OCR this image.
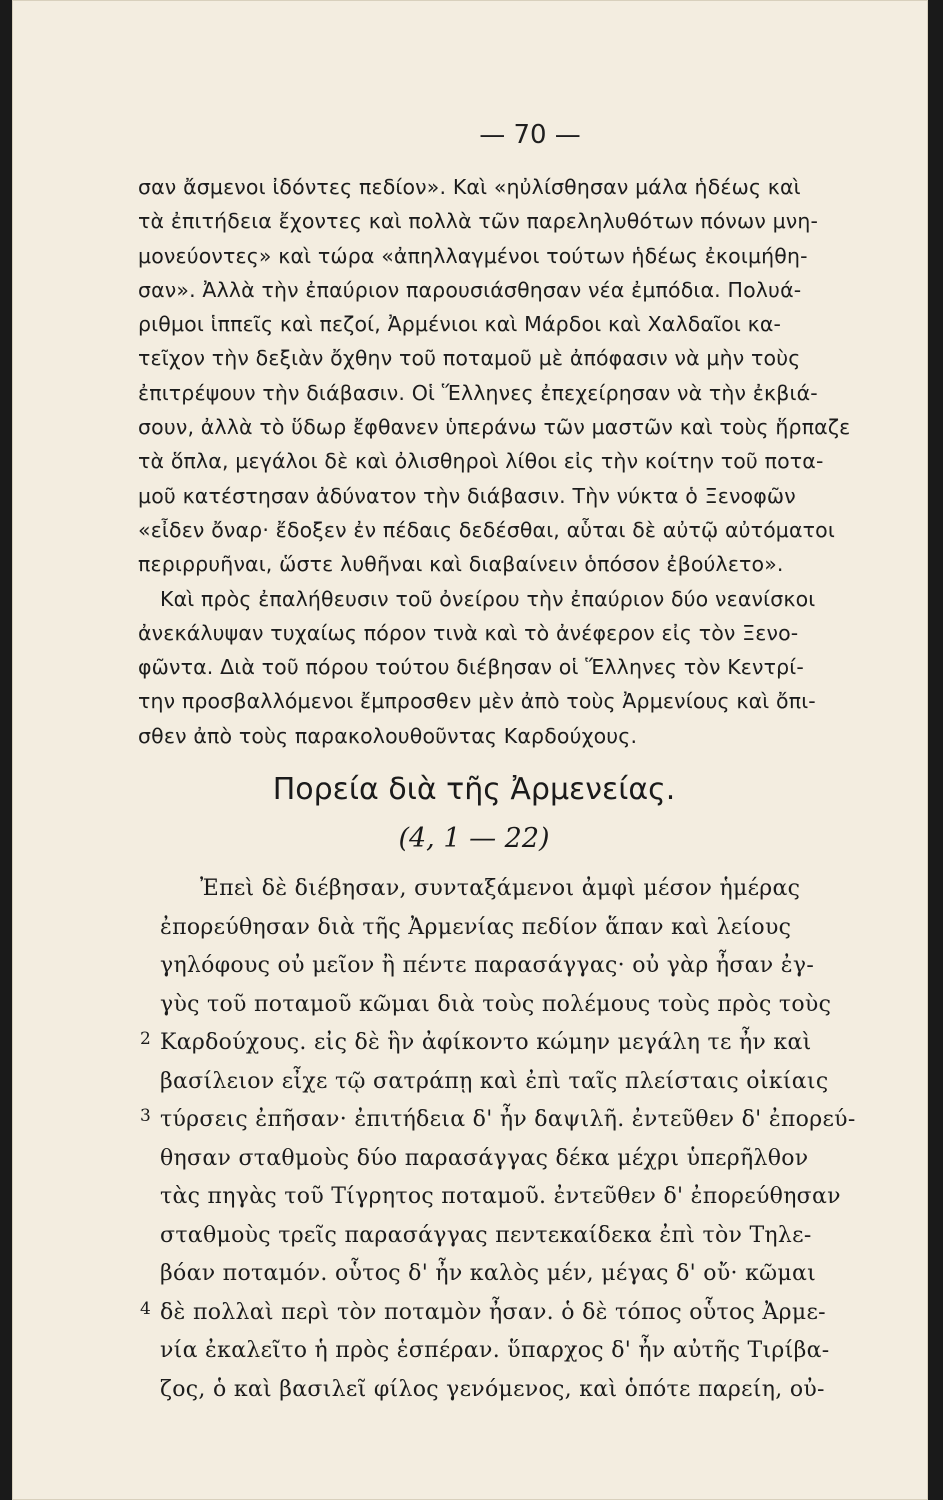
— 70 —
σαν ἄσμενοι ἰδόντες πεδίον». Καὶ «ηὐλίσθησαν μάλα ἡδέως καὶ
τὰ ἐπιτήδεια ἔχοντες καὶ πολλὰ τῶν παρεληλυθότων πόνων μνη-
μονεύοντες» καὶ τώρα «ἀπηλλαγμένοι τούτων ἡδέως ἐκοιμήθη-
σαν». Ἀλλὰ τὴν ἐπαύριον παρουσιάσθησαν νέα ἐμπόδια. Πολυά-
ριθμοι ἱππεῖς καὶ πεζοί, Ἀρμένιοι καὶ Μάρδοι καὶ Χαλδαῖοι κα-
τεῖχον τὴν δεξιὰν ὄχθην τοῦ ποταμοῦ μὲ ἀπόφασιν νὰ μὴν τοὺς
ἐπιτρέψουν τὴν διάβασιν. Οἱ Ἕλληνες ἐπεχείρησαν νὰ τὴν ἐκβιά-
σουν, ἀλλὰ τὸ ὕδωρ ἔφθανεν ὑπεράνω τῶν μαστῶν καὶ τοὺς ἥρπαζε
τὰ ὅπλα, μεγάλοι δὲ καὶ ὀλισθηροὶ λίθοι εἰς τὴν κοίτην τοῦ ποτα-
μοῦ κατέστησαν ἀδύνατον τὴν διάβασιν. Τὴν νύκτα ὁ Ξενοφῶν
«εἶδεν ὄναρ· ἔδοξεν ἐν πέδαις δεδέσθαι, αὗται δὲ αὐτῷ αὐτόματοι
περιρρυῆναι, ὥστε λυθῆναι καὶ διαβαίνειν ὁπόσον ἐβούλετο».
Καὶ πρὸς ἐπαλήθευσιν τοῦ ὀνείρου τὴν ἐπαύριον δύο νεανίσκοι
ἀνεκάλυψαν τυχαίως πόρον τινὰ καὶ τὸ ἀνέφερον εἰς τὸν Ξενο-
φῶντα. Διὰ τοῦ πόρου τούτου διέβησαν οἱ Ἕλληνες τὸν Κεντρί-
την προσβαλλόμενοι ἔμπροσθεν μὲν ἀπὸ τοὺς Ἀρμενίους καὶ ὄπι-
σθεν ἀπὸ τοὺς παρακολουθοῦντας Καρδούχους.
Πορεία διὰ τῆς Ἀρμενείας.
(4, 1 — 22)
Ἐπεὶ δὲ διέβησαν, συνταξάμενοι ἀμφὶ μέσον ἡμέρας
ἐπορεύθησαν διὰ τῆς Ἀρμενίας πεδίον ἅπαν καὶ λείους
γηλόφους οὐ μεῖον ἢ πέντε παρασάγγας· οὐ γὰρ ἦσαν ἐγ-
γὺς τοῦ ποταμοῦ κῶμαι διὰ τοὺς πολέμους τοὺς πρὸς τοὺς
2 Καρδούχους. εἰς δὲ ἣν ἀφίκοντο κώμην μεγάλη τε ἦν καὶ
βασίλειον εἶχε τῷ σατράπῃ καὶ ἐπὶ ταῖς πλείσταις οἰκίαις
3 τύρσεις ἐπῆσαν· ἐπιτήδεια δ' ἦν δαψιλῆ. ἐντεῦθεν δ' ἐπορεύ-
θησαν σταθμοὺς δύο παρασάγγας δέκα μέχρι ὑπερῆλθον
τὰς πηγὰς τοῦ Τίγρητος ποταμοῦ. ἐντεῦθεν δ' ἐπορεύθησαν
σταθμοὺς τρεῖς παρασάγγας πεντεκαίδεκα ἐπὶ τὸν Τηλε-
βόαν ποταμόν. οὗτος δ' ἦν καλὸς μέν, μέγας δ' οὔ· κῶμαι
4 δὲ πολλαὶ περὶ τὸν ποταμὸν ἦσαν. ὁ δὲ τόπος οὗτος Ἀρμε-
νία ἐκαλεῖτο ἡ πρὸς ἑσπέραν. ὕπαρχος δ' ἦν αὐτῆς Τιρίβα-
ζος, ὁ καὶ βασιλεῖ φίλος γενόμενος, καὶ ὁπότε παρείη, οὐ-
